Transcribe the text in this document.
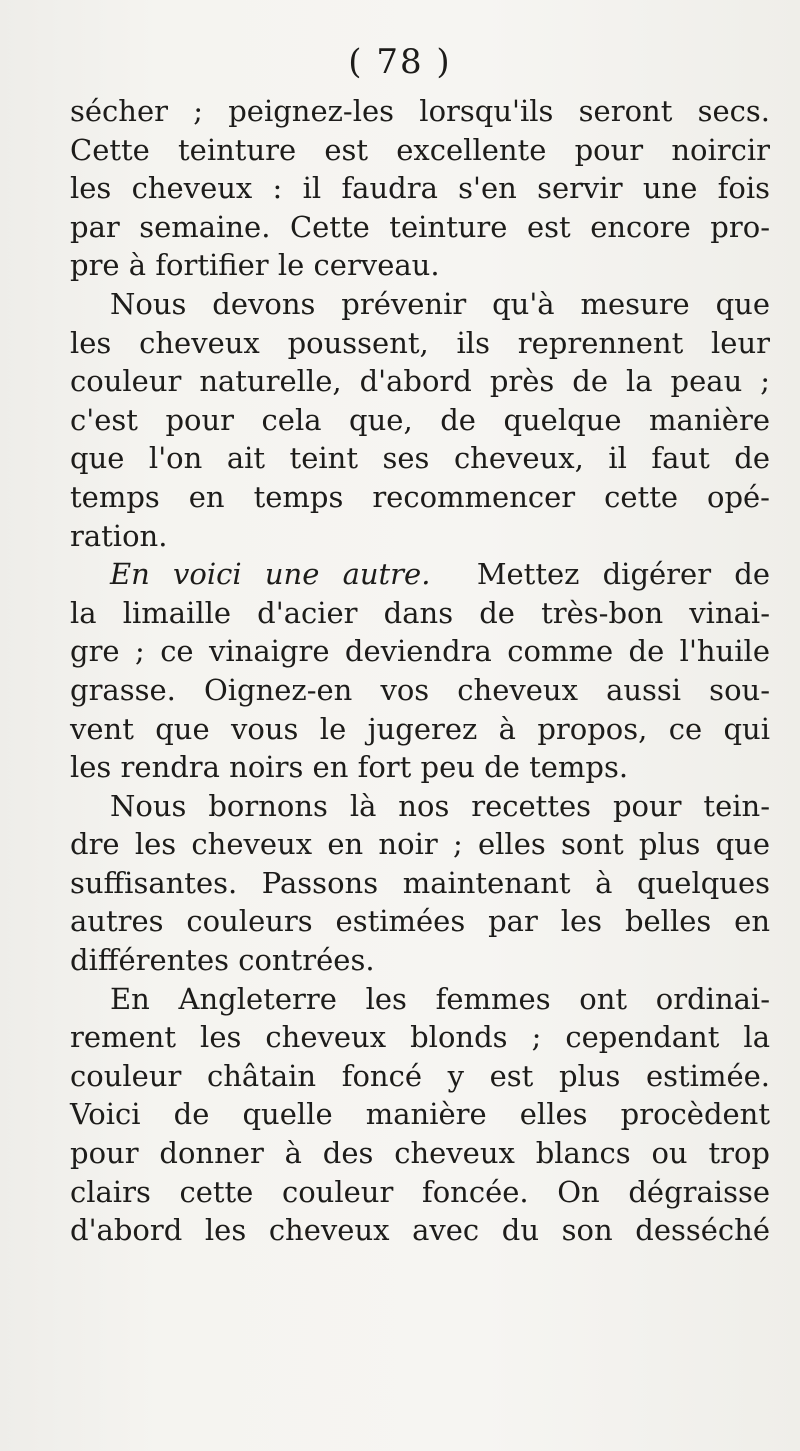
( 78 )
sécher ; peignez-les lorsqu'ils seront secs.
Cette teinture est excellente pour noircir
les cheveux : il faudra s'en servir une fois
par semaine. Cette teinture est encore pro-
pre à fortifier le cerveau.
Nous devons prévenir qu'à mesure que
les cheveux poussent, ils reprennent leur
couleur naturelle, d'abord près de la peau ;
c'est pour cela que, de quelque manière
que l'on ait teint ses cheveux, il faut de
temps en temps recommencer cette opé-
ration.
En voici une autre. Mettez digérer de
la limaille d'acier dans de très-bon vinai-
gre ; ce vinaigre deviendra comme de l'huile
grasse. Oignez-en vos cheveux aussi sou-
vent que vous le jugerez à propos, ce qui
les rendra noirs en fort peu de temps.
Nous bornons là nos recettes pour tein-
dre les cheveux en noir ; elles sont plus que
suffisantes. Passons maintenant à quelques
autres couleurs estimées par les belles en
différentes contrées.
En Angleterre les femmes ont ordinai-
rement les cheveux blonds ; cependant la
couleur châtain foncé y est plus estimée.
Voici de quelle manière elles procèdent
pour donner à des cheveux blancs ou trop
clairs cette couleur foncée. On dégraisse
d'abord les cheveux avec du son desséché
